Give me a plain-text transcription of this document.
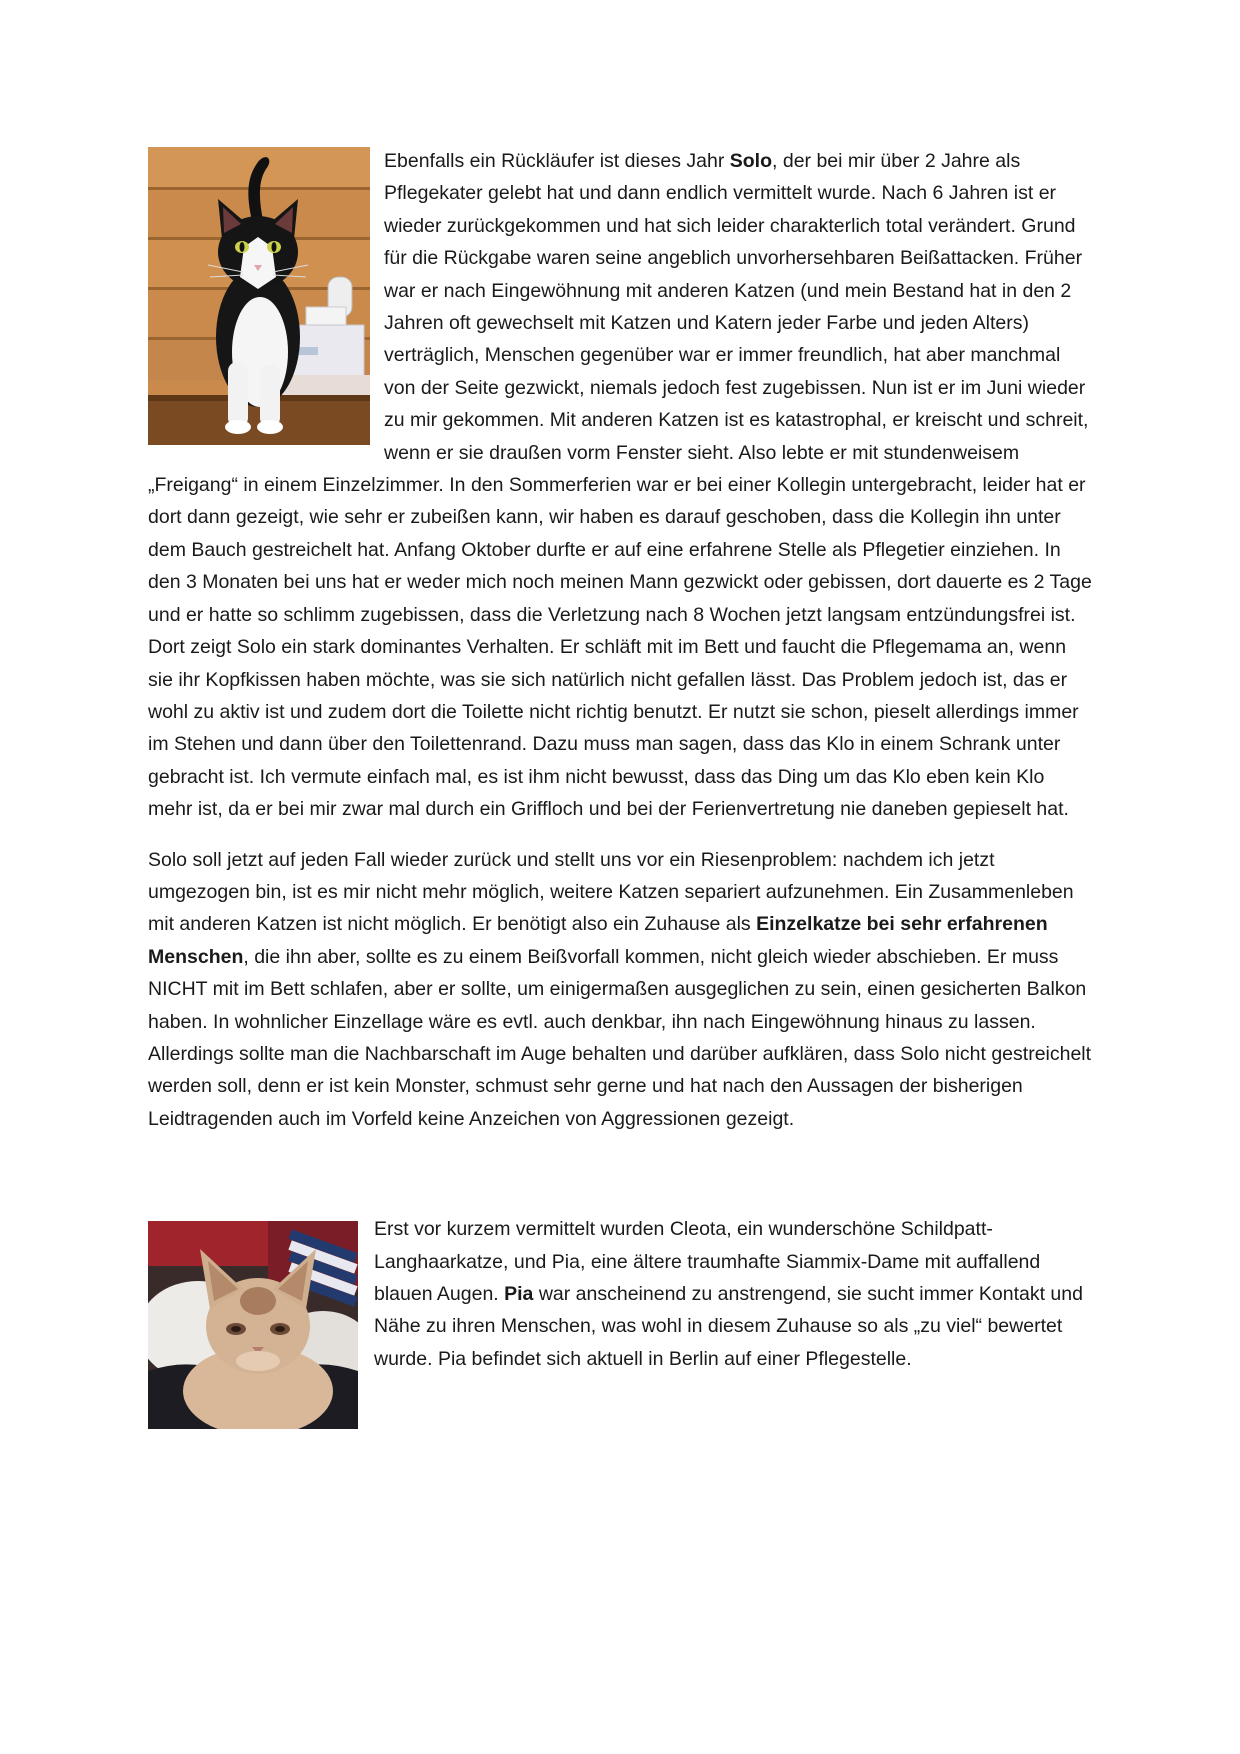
Ebenfalls ein Rückläufer ist dieses Jahr Solo, der bei mir über 2 Jahre als Pflegekater gelebt hat und dann endlich vermittelt wurde. Nach 6 Jahren ist er wieder zurückgekommen und hat sich leider charakterlich total verändert. Grund für die Rückgabe waren seine angeblich unvorhersehbaren Beißattacken. Früher war er nach Eingewöhnung mit anderen Katzen (und mein Bestand hat in den 2 Jahren oft gewechselt mit Katzen und Katern jeder Farbe und jeden Alters) verträglich, Menschen gegenüber war er immer freundlich, hat aber manchmal von der Seite gezwickt, niemals jedoch fest zugebissen. Nun ist er im Juni wieder zu mir gekommen. Mit anderen Katzen ist es katastrophal, er kreischt und schreit, wenn er sie draußen vorm Fenster sieht. Also lebte er mit stundenweisem „Freigang“ in einem Einzelzimmer. In den Sommerferien war er bei einer Kollegin untergebracht, leider hat er dort dann gezeigt, wie sehr er zubeißen kann, wir haben es darauf geschoben, dass die Kollegin ihn unter dem Bauch gestreichelt hat. Anfang Oktober durfte er auf eine erfahrene Stelle als Pflegetier einziehen. In den 3 Monaten bei uns hat er weder mich noch meinen Mann gezwickt oder gebissen, dort dauerte es 2 Tage und er hatte so schlimm zugebissen, dass die Verletzung nach 8 Wochen jetzt langsam entzündungsfrei ist. Dort zeigt Solo ein stark dominantes Verhalten. Er schläft mit im Bett und faucht die Pflegemama an, wenn sie ihr Kopfkissen haben möchte, was sie sich natürlich nicht gefallen lässt. Das Problem jedoch ist, das er wohl zu aktiv ist und zudem dort die Toilette nicht richtig benutzt. Er nutzt sie schon, pieselt allerdings immer im Stehen und dann über den Toilettenrand. Dazu muss man sagen, dass das Klo in einem Schrank unter gebracht ist. Ich vermute einfach mal, es ist ihm nicht bewusst, dass das Ding um das Klo eben kein Klo mehr ist, da er bei mir zwar mal durch ein Griffloch und bei der Ferienvertretung nie daneben gepieselt hat.

Solo soll jetzt auf jeden Fall wieder zurück und stellt uns vor ein Riesenproblem: nachdem ich jetzt umgezogen bin, ist es mir nicht mehr möglich, weitere Katzen separiert aufzunehmen. Ein Zusammenleben mit anderen Katzen ist nicht möglich. Er benötigt also ein Zuhause als Einzelkatze bei sehr erfahrenen Menschen, die ihn aber, sollte es zu einem Beißvorfall kommen, nicht gleich wieder abschieben. Er muss NICHT mit im Bett schlafen, aber er sollte, um einigermaßen ausgeglichen zu sein, einen gesicherten Balkon haben. In wohnlicher Einzellage wäre es evtl. auch denkbar, ihn nach Eingewöhnung hinaus zu lassen. Allerdings sollte man die Nachbarschaft im Auge behalten und darüber aufklären, dass Solo nicht gestreichelt werden soll, denn er ist kein Monster, schmust sehr gerne und hat nach den Aussagen der bisherigen Leidtragenden auch im Vorfeld keine Anzeichen von Aggressionen gezeigt.

Erst vor kurzem vermittelt wurden Cleota, ein wunderschöne Schildpatt-Langhaarkatze, und Pia, eine ältere traumhafte Siammix-Dame mit auffallend blauen Augen. Pia war anscheinend zu anstrengend, sie sucht immer Kontakt und Nähe zu ihren Menschen, was wohl in diesem Zuhause so als „zu viel“ bewertet wurde. Pia befindet sich aktuell in Berlin auf einer Pflegestelle.
